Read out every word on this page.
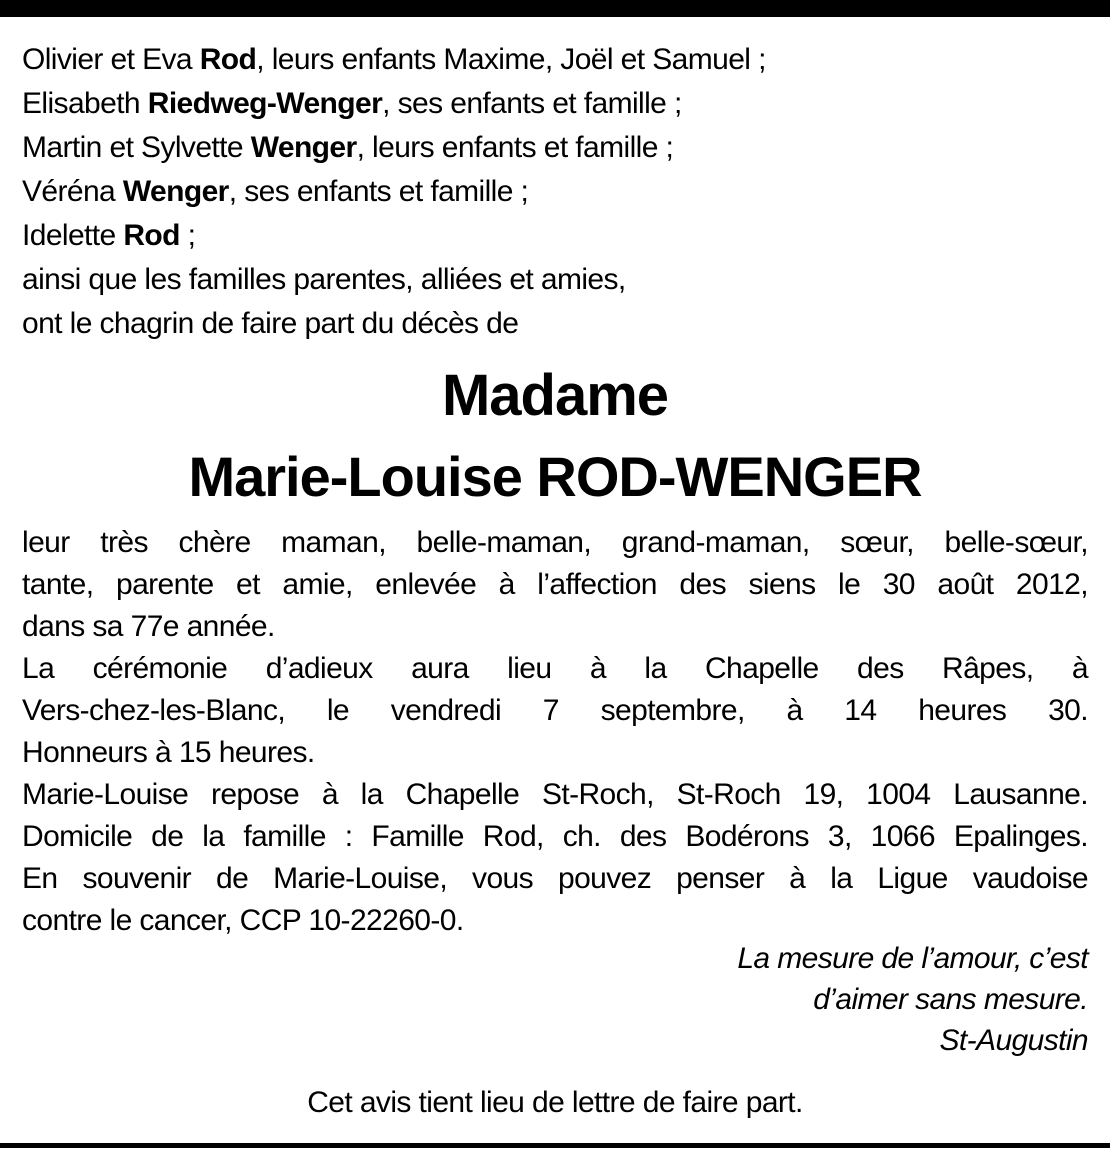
Olivier et Eva Rod, leurs enfants Maxime, Joël et Samuel ;
Elisabeth Riedweg-Wenger, ses enfants et famille ;
Martin et Sylvette Wenger, leurs enfants et famille ;
Véréna Wenger, ses enfants et famille ;
Idelette Rod ;
ainsi que les familles parentes, alliées et amies,
ont le chagrin de faire part du décès de
Madame
Marie-Louise ROD-WENGER
leur très chère maman, belle-maman, grand-maman, sœur, belle-sœur,
tante, parente et amie, enlevée à l’affection des siens le 30 août 2012,
dans sa 77e année.
La cérémonie d’adieux aura lieu à la Chapelle des Râpes, à
Vers-chez-les-Blanc, le vendredi 7 septembre, à 14 heures 30.
Honneurs à 15 heures.
Marie-Louise repose à la Chapelle St-Roch, St-Roch 19, 1004 Lausanne.
Domicile de la famille : Famille Rod, ch. des Bodérons 3, 1066 Epalinges.
En souvenir de Marie-Louise, vous pouvez penser à la Ligue vaudoise
contre le cancer, CCP 10-22260-0.
La mesure de l’amour, c’est
d’aimer sans mesure.
St-Augustin
Cet avis tient lieu de lettre de faire part.
